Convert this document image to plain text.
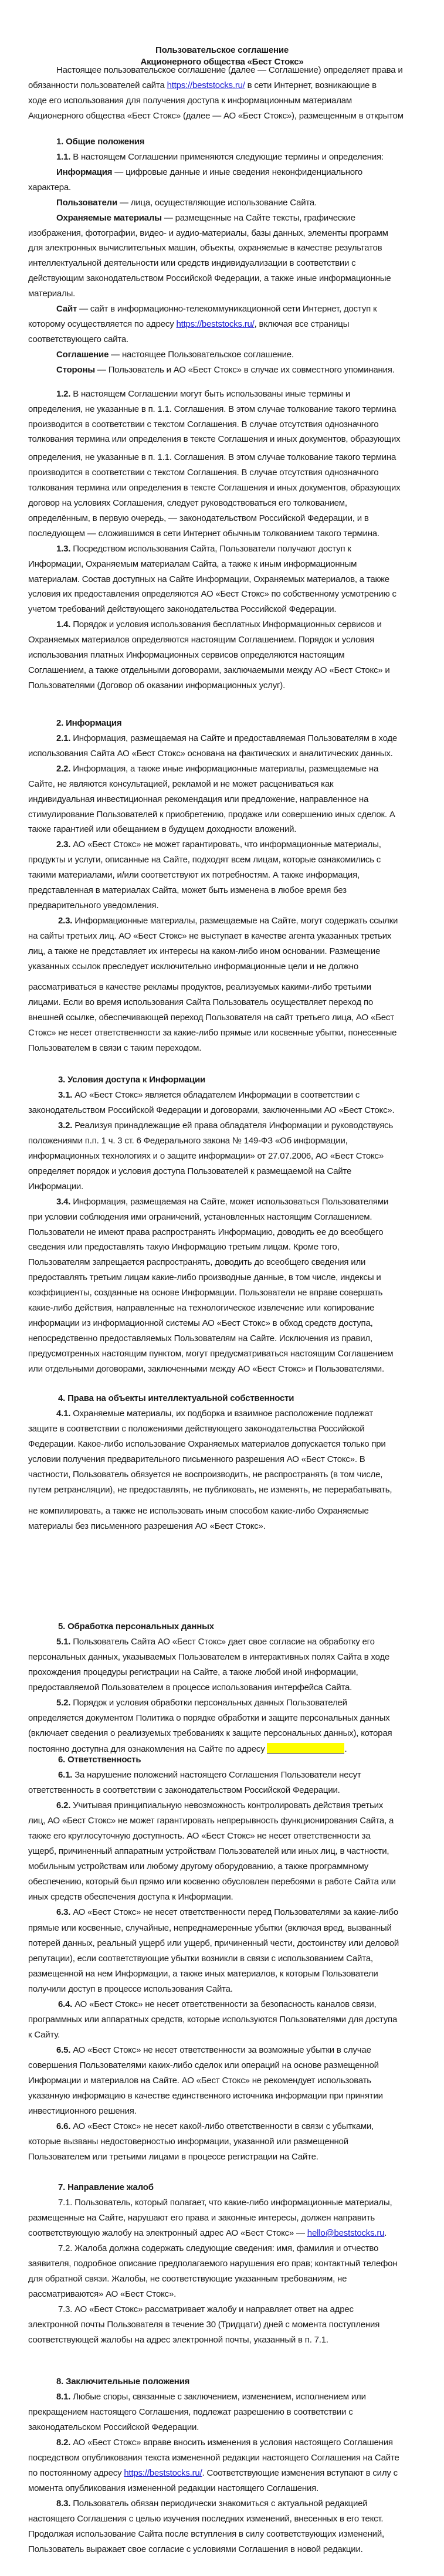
Пользовательское соглашение
Настоящее пользовательское соглашение (далее — Соглашение) определяет права и
обязанности пользователей сайта https://beststocks.ru/ в сети Интернет, возникающие в
ходе его использования для получения доступа к информационным материалам
Акционерного общества «Бест Стокс» (далее — АО «Бест Стокс»), размещенным в открытом
1. Общие положения
1.1. В настоящем Соглашении применяются следующие термины и определения:
Информация — цифровые данные и иные сведения неконфиденциального
характера.
Пользователи — лица, осуществляющие использование Сайта.
Охраняемые материалы — размещенные на Сайте тексты, графические
изображения, фотографии, видео- и аудио-материалы, базы данных, элементы программ
для электронных вычислительных машин, объекты, охраняемые в качестве результатов
интеллектуальной деятельности или средств индивидуализации в соответствии с
действующим законодательством Российской Федерации, а также иные информационные
материалы.
Сайт — сайт в информационно-телекоммуникационной сети Интернет, доступ к
которому осуществляется по адресу https://beststocks.ru/, включая все страницы
соответствующего сайта.
Соглашение — настоящее Пользовательское соглашение.
Стороны — Пользователь и АО «Бест Стокс» в случае их совместного упоминания.
1.2. В настоящем Соглашении могут быть использованы иные термины и
определения, не указанные в п. 1.1. Соглашения. В этом случае толкование такого термина
производится в соответствии с текстом Соглашения. В случае отсутствия однозначного
толкования термина или определения в тексте Соглашения и иных документов, образующих
определения, не указанные в п. 1.1. Соглашения. В этом случае толкование такого термина
производится в соответствии с текстом Соглашения. В случае отсутствия однозначного
толкования термина или определения в тексте Соглашения и иных документов, образующих
договор на условиях Соглашения, следует руководствоваться его толкованием,
определённым, в первую очередь, — законодательством Российской Федерации, и в
последующем — сложившимся в сети Интернет обычным толкованием такого термина.
1.3. Посредством использования Сайта, Пользователи получают доступ к
Информации, Охраняемым материалам Сайта, а также к иным информационным
материалам. Состав доступных на Сайте Информации, Охраняемых материалов, а также
условия их предоставления определяются АО «Бест Стокс» по собственному усмотрению с
учетом требований действующего законодательства Российской Федерации.
1.4. Порядок и условия использования бесплатных Информационных сервисов и
Охраняемых материалов определяются настоящим Соглашением. Порядок и условия
использования платных Информационных сервисов определяются настоящим
Соглашением, а также отдельными договорами, заключаемыми между АО «Бест Стокс» и
Пользователями (Договор об оказании информационных услуг).
2. Информация
2.1. Информация, размещаемая на Сайте и предоставляемая Пользователям в ходе
использования Сайта АО «Бест Стокс» основана на фактических и аналитических данных.
2.2. Информация, а также иные информационные материалы, размещаемые на
Сайте, не являются консультацией, рекламой и не может расцениваться как
индивидуальная инвестиционная рекомендация или предложение, направленное на
стимулирование Пользователей к приобретению, продаже или совершению иных сделок. А
также гарантией или обещанием в будущем доходности вложений.
2.3. АО «Бест Стокс» не может гарантировать, что информационные материалы,
продукты и услуги, описанные на Сайте, подходят всем лицам, которые ознакомились с
такими материалами, и/или соответствуют их потребностям. А также информация,
представленная в материалах Сайта, может быть изменена в любое время без
предварительного уведомления.
2.3. Информационные материалы, размещаемые на Сайте, могут содержать ссылки
на сайты третьих лиц. АО «Бест Стокс» не выступает в качестве агента указанных третьих
лиц, а также не представляет их интересы на каком-либо ином основании. Размещение
указанных ссылок преследует исключительно информационные цели и не должно
рассматриваться в качестве рекламы продуктов, реализуемых какими-либо третьими
лицами. Если во время использования Сайта Пользователь осуществляет переход по
внешней ссылке, обеспечивающей переход Пользователя на сайт третьего лица, АО «Бест
Стокс» не несет ответственности за какие-либо прямые или косвенные убытки, понесенные
Пользователем в связи с таким переходом.
3. Условия доступа к Информации
3.1. АО «Бест Стокс» является обладателем Информации в соответствии с
законодательством Российской Федерации и договорами, заключенными АО «Бест Стокс».
3.2. Реализуя принадлежащие ей права обладателя Информации и руководствуясь
положениями п.п. 1 ч. 3 ст. 6 Федерального закона № 149-ФЗ «Об информации,
информационных технологиях и о защите информации» от 27.07.2006, АО «Бест Стокс»
определяет порядок и условия доступа Пользователей к размещаемой на Сайте
Информации.
3.4. Информация, размещаемая на Сайте, может использоваться Пользователями
при условии соблюдения ими ограничений, установленных настоящим Соглашением.
Пользователи не имеют права распространять Информацию, доводить ее до всеобщего
сведения или предоставлять такую Информацию третьим лицам. Кроме того,
Пользователям запрещается распространять, доводить до всеобщего сведения или
предоставлять третьим лицам какие-либо производные данные, в том числе, индексы и
коэффициенты, созданные на основе Информации. Пользователи не вправе совершать
какие-либо действия, направленные на технологическое извлечение или копирование
информации из информационной системы АО «Бест Стокс» в обход средств доступа,
непосредственно предоставляемых Пользователям на Сайте. Исключения из правил,
предусмотренных настоящим пунктом, могут предусматриваться настоящим Соглашением
или отдельными договорами, заключенными между АО «Бест Стокс» и Пользователями.
4. Права на объекты интеллектуальной собственности
4.1. Охраняемые материалы, их подборка и взаимное расположение подлежат
защите в соответствии с положениями действующего законодательства Российской
Федерации. Какое-либо использование Охраняемых материалов допускается только при
условии получения предварительного письменного разрешения АО «Бест Стокс». В
частности, Пользователь обязуется не воспроизводить, не распространять (в том числе,
путем ретрансляции), не предоставлять, не публиковать, не изменять, не перерабатывать,
не компилировать, а также не использовать иным способом какие-либо Охраняемые
материалы без письменного разрешения АО «Бест Стокс».
5. Обработка персональных данных
5.1. Пользователь Сайта АО «Бест Стокс» дает свое согласие на обработку его
персональных данных, указываемых Пользователем в интерактивных полях Сайта в ходе
прохождения процедуры регистрации на Сайте, а также любой иной информации,
предоставляемой Пользователем в процессе использования интерфейса Сайта.
5.2. Порядок и условия обработки персональных данных Пользователей
определяется документом Политика о порядке обработки и защите персональных данных
(включает сведения о реализуемых требованиях к защите персональных данных), которая
постоянно доступна для ознакомления на Сайте по адресу	.
6. Ответственность
6.1. За нарушение положений настоящего Соглашения Пользователи несут
ответственность в соответствии с законодательством Российской Федерации.
6.2. Учитывая принципиальную невозможность контролировать действия третьих
лиц, АО «Бест Стокс» не может гарантировать непрерывность функционирования Сайта, а
также его круглосуточную доступность. АО «Бест Стокс» не несет ответственности за
ущерб, причиненный аппаратным устройствам Пользователей или иных лиц, в частности,
мобильным устройствам или любому другому оборудованию, а также программному
обеспечению, который был прямо или косвенно обусловлен перебоями в работе Сайта или
иных средств обеспечения доступа к Информации.
6.3. АО «Бест Стокс» не несет ответственности перед Пользователями за какие-либо
прямые или косвенные, случайные, непреднамеренные убытки (включая вред, вызванный
потерей данных, реальный ущерб или ущерб, причиненный чести, достоинству или деловой
репутации), если соответствующие убытки возникли в связи с использованием Сайта,
размещенной на нем Информации, а также иных материалов, к которым Пользователи
получили доступ в процессе использования Сайта.
6.4. АО «Бест Стокс» не несет ответственности за безопасность каналов связи,
программных или аппаратных средств, которые используются Пользователями для доступа
к Сайту.
6.5. АО «Бест Стокс» не несет ответственности за возможные убытки в случае
совершения Пользователями каких-либо сделок или операций на основе размещенной
Информации и материалов на Сайте. АО «Бест Стокс» не рекомендует использовать
указанную информацию в качестве единственного источника информации при принятии
инвестиционного решения.
6.6. АО «Бест Стокс» не несет какой-либо ответственности в связи с убытками,
которые вызваны недостоверностью информации, указанной или размещенной
Пользователем или третьими лицами в процессе регистрации на Сайте.
7. Направление жалоб
7.1. Пользователь, который полагает, что какие-либо информационные материалы,
размещенные на Сайте, нарушают его права и законные интересы, должен направить
соответствующую жалобу на электронный адрес АО «Бест Стокс» — hello@beststocks.ru.
7.2. Жалоба должна содержать следующие сведения: имя, фамилия и отчество
заявителя, подробное описание предполагаемого нарушения его прав; контактный телефон
для обратной связи. Жалобы, не соответствующие указанным требованиям, не
рассматриваются» АО «Бест Стокс».
7.3. АО «Бест Стокс» рассматривает жалобу и направляет ответ на адрес
электронной почты Пользователя в течение 30 (Тридцати) дней с момента поступления
соответствующей жалобы на адрес электронной почты, указанный в п. 7.1.
8. Заключительные положения
8.1. Любые споры, связанные с заключением, изменением, исполнением или
прекращением настоящего Соглашения, подлежат разрешению в соответствии с
законодательском Российской Федерации.
8.2. АО «Бест Стокс» вправе вносить изменения в условия настоящего Соглашения
посредством опубликования текста измененной редакции настоящего Соглашения на Сайте
по постоянному адресу https://beststocks.ru/. Соответствующие изменения вступают в силу с
момента опубликования измененной редакции настоящего Соглашения.
8.3. Пользователь обязан периодически знакомиться с актуальной редакцией
настоящего Соглашения с целью изучения последних изменений, внесенных в его текст.
Продолжая использование Сайта после вступления в силу соответствующих изменений,
Пользователь выражает свое согласие с условиями Соглашения в новой редакции.
Акционерного общества «Бест Стокс»
